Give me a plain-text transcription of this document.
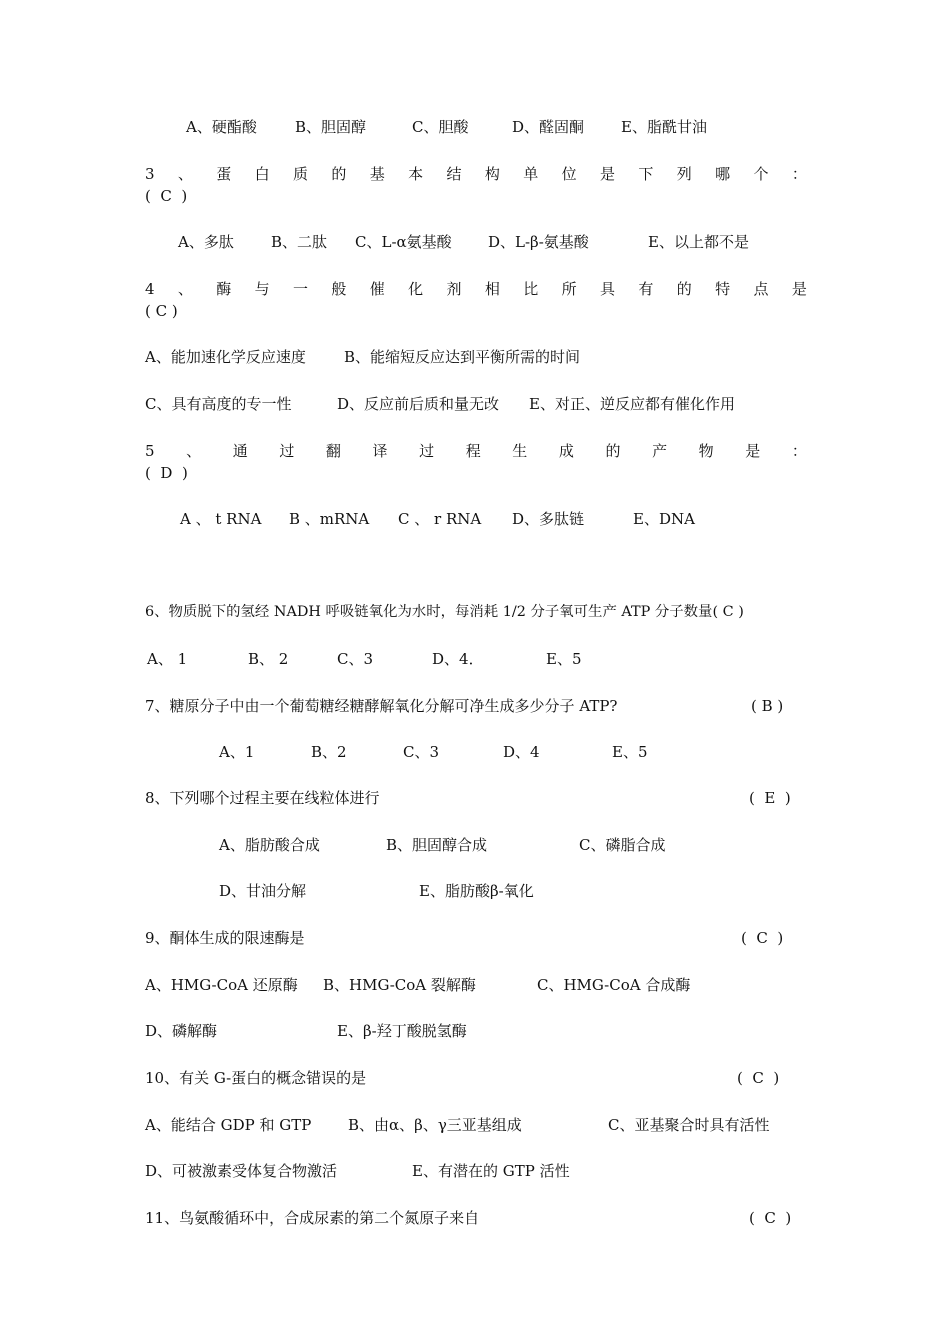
A、硬酯酸	B、胆固醇	C、胆酸	D、醛固酮 E、脂酰甘油
3 、 蛋 白 质 的 基 本 结 构 单 位 是 下 列 哪 个 ：
(  C  )
A、多肽 B、二肽 C、L-α氨基酸 D、L-β-氨基酸	E、以上都不是
4 、 酶 与 一 般 催 化 剂 相 比 所 具 有 的 特 点 是
( C )
A、能加速化学反应速度	B、能缩短反应达到平衡所需的时间
C、具有高度的专一性	D、反应前后质和量无改 E、对正、逆反应都有催化作用
5 、 通 过 翻 译 过 程 生 成 的 产 物 是 ：
(  D  )
A 、 t RNA B 、mRNA C 、 r RNA D、多肽链	E、DNA
6、物质脱下的氢经 NADH 呼吸链氧化为水时，每消耗 1/2 分子氧可生产 ATP 分子数量( C )
A、 1	B、 2	C、3	D、4．	E、5
7、糖原分子中由一个葡萄糖经糖酵解氧化分解可净生成多少分子 ATP?	( B )
A、1	B、2	C、3	D、4	E、5
8、下列哪个过程主要在线粒体进行	(  E  )
A、脂肪酸合成	B、胆固醇合成	C、磷脂合成
D、甘油分解	E、脂肪酸β-氧化
9、酮体生成的限速酶是	(  C  )
A、HMG-CoA 还原酶 B、HMG-CoA 裂解酶	C、HMG-CoA 合成酶
D、磷解酶	E、β-羟丁酸脱氢酶
10、有关 G-蛋白的概念错误的是	(  C  )
A、能结合 GDP 和 GTP B、由α、β、γ三亚基组成	C、亚基聚合时具有活性
D、可被激素受体复合物激活	E、有潜在的 GTP 活性
11、鸟氨酸循环中，合成尿素的第二个氮原子来自	(  C  )
